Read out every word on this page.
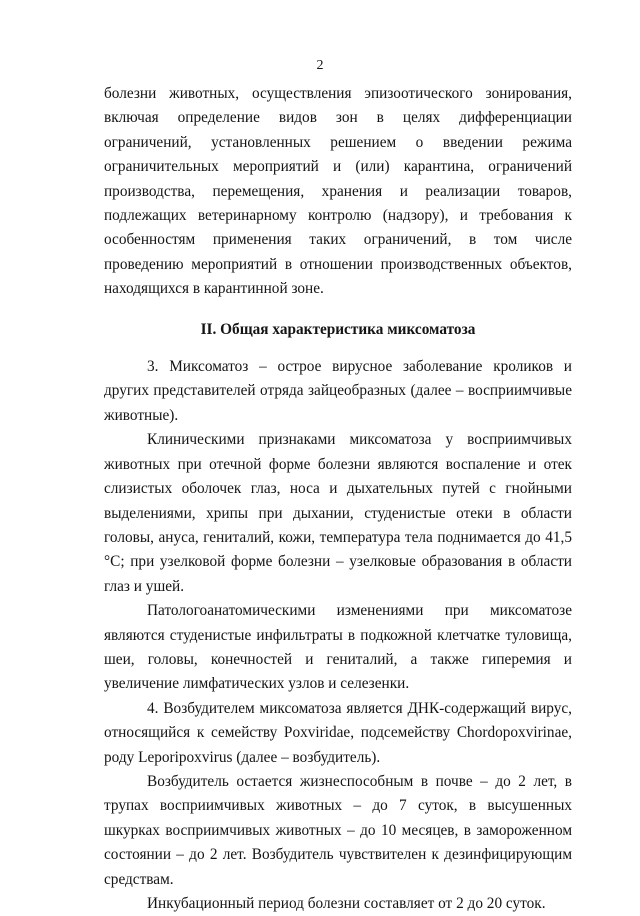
2

болезни животных, осуществления эпизоотического зонирования, включая определение видов зон в целях дифференциации ограничений, установленных решением о введении режима ограничительных мероприятий и (или) карантина, ограничений производства, перемещения, хранения и реализации товаров, подлежащих ветеринарному контролю (надзору), и требования к особенностям применения таких ограничений, в том числе проведению мероприятий в отношении производственных объектов, находящихся в карантинной зоне.

II. Общая характеристика миксоматоза

3. Миксоматоз – острое вирусное заболевание кроликов и других представителей отряда зайцеобразных (далее – восприимчивые животные).

Клиническими признаками миксоматоза у восприимчивых животных при отечной форме болезни являются воспаление и отек слизистых оболочек глаз, носа и дыхательных путей с гнойными выделениями, хрипы при дыхании, студенистые отеки в области головы, ануса, гениталий, кожи, температура тела поднимается до 41,5 °С; при узелковой форме болезни – узелковые образования в области глаз и ушей.

Патологоанатомическими изменениями при миксоматозе являются студенистые инфильтраты в подкожной клетчатке туловища, шеи, головы, конечностей и гениталий, а также гиперемия и увеличение лимфатических узлов и селезенки.

4. Возбудителем миксоматоза является ДНК-содержащий вирус, относящийся к семейству Poxviridae, подсемейству Chordopoxvirinae, роду Leporipoxvirus (далее – возбудитель).

Возбудитель остается жизнеспособным в почве – до 2 лет, в трупах восприимчивых животных – до 7 суток, в высушенных шкурках восприимчивых животных – до 10 месяцев, в замороженном состоянии – до 2 лет. Возбудитель чувствителен к дезинфицирующим средствам.

Инкубационный период болезни составляет от 2 до 20 суток.
